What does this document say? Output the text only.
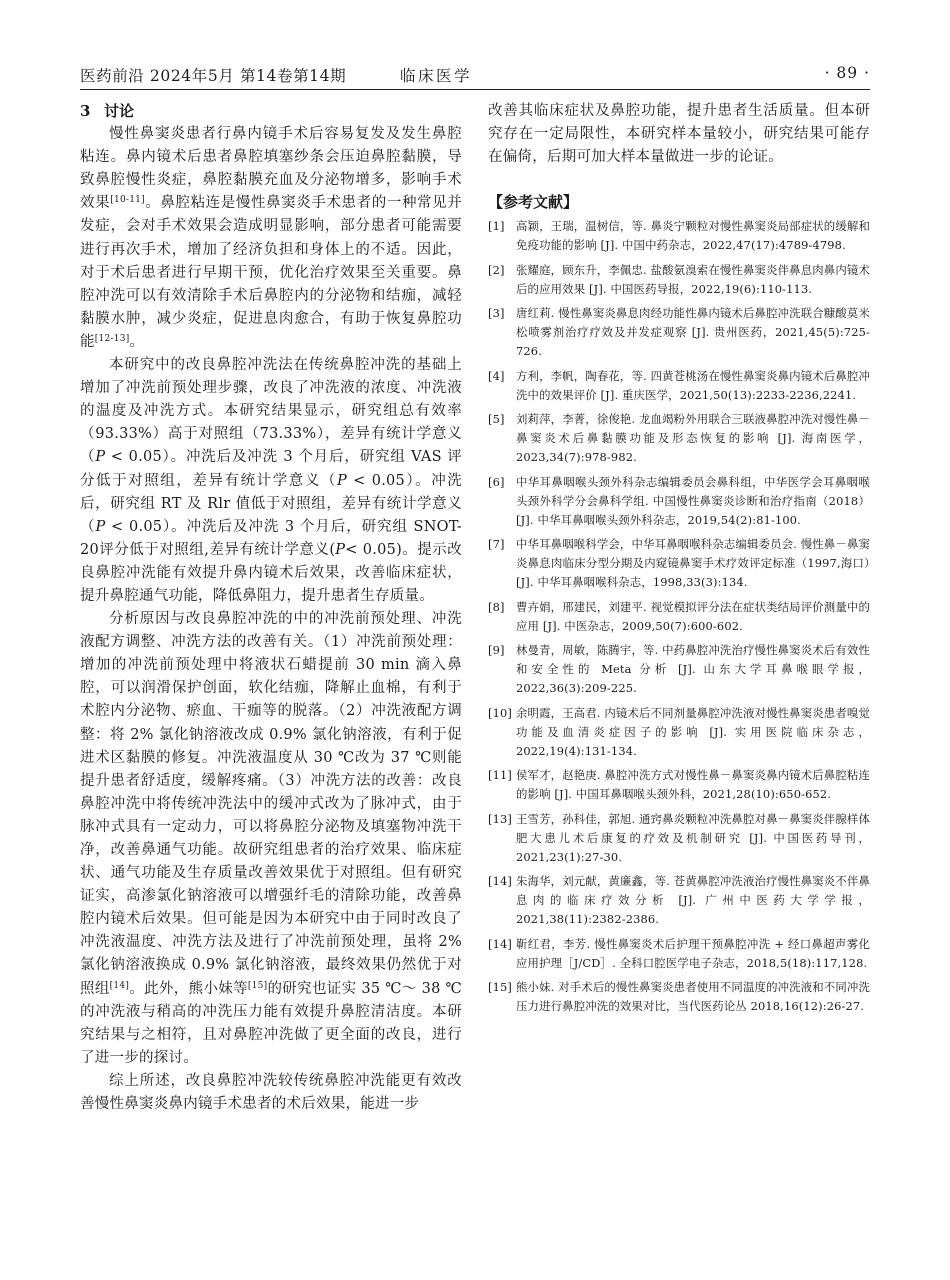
医药前沿 2024年5月 第14卷第14期	临床医学	· 89 ·
3 讨论

慢性鼻窦炎患者行鼻内镜手术后容易复发及发生鼻腔粘连。鼻内镜术后患者鼻腔填塞纱条会压迫鼻腔黏膜，导致鼻腔慢性炎症，鼻腔黏膜充血及分泌物增多，影响手术效果[10-11]。鼻腔粘连是慢性鼻窦炎手术患者的一种常见并发症，会对手术效果会造成明显影响，部分患者可能需要进行再次手术，增加了经济负担和身体上的不适。因此，对于术后患者进行早期干预，优化治疗效果至关重要。鼻腔冲洗可以有效清除手术后鼻腔内的分泌物和结痂，减轻黏膜水肿，减少炎症，促进息肉愈合，有助于恢复鼻腔功能[12-13]。

本研究中的改良鼻腔冲洗法在传统鼻腔冲洗的基础上增加了冲洗前预处理步骤，改良了冲洗液的浓度、冲洗液的温度及冲洗方式。本研究结果显示，研究组总有效率（93.33%）高于对照组（73.33%），差异有统计学意义（P < 0.05）。冲洗后及冲洗 3 个月后，研究组 VAS 评分低于对照组，差异有统计学意义（P < 0.05）。冲洗后，研究组 RT 及 Rlr 值低于对照组，差异有统计学意义（P < 0.05）。冲洗后及冲洗 3 个月后，研究组 SNOT-20评分低于对照组,差异有统计学意义(P< 0.05)。提示改良鼻腔冲洗能有效提升鼻内镜术后效果，改善临床症状，提升鼻腔通气功能，降低鼻阻力，提升患者生存质量。

分析原因与改良鼻腔冲洗的中的冲洗前预处理、冲洗液配方调整、冲洗方法的改善有关。（1）冲洗前预处理：增加的冲洗前预处理中将液状石蜡提前 30 min 滴入鼻腔，可以润滑保护创面，软化结痂，降解止血棉，有利于术腔内分泌物、瘀血、干痂等的脱落。（2）冲洗液配方调整：将 2% 氯化钠溶液改成 0.9% 氯化钠溶液，有利于促进术区黏膜的修复。冲洗液温度从 30 ℃改为 37 ℃则能提升患者舒适度，缓解疼痛。（3）冲洗方法的改善：改良鼻腔冲洗中将传统冲洗法中的缓冲式改为了脉冲式，由于脉冲式具有一定动力，可以将鼻腔分泌物及填塞物冲洗干净，改善鼻通气功能。故研究组患者的治疗效果、临床症状、通气功能及生存质量改善效果优于对照组。但有研究证实，高渗氯化钠溶液可以增强纤毛的清除功能，改善鼻腔内镜术后效果。但可能是因为本研究中由于同时改良了冲洗液温度、冲洗方法及进行了冲洗前预处理，虽将 2% 氯化钠溶液换成 0.9% 氯化钠溶液，最终效果仍然优于对照组[14]。此外，熊小妹等[15]的研究也证实 35 ℃～ 38 ℃的冲洗液与稍高的冲洗压力能有效提升鼻腔清洁度。本研究结果与之相符，且对鼻腔冲洗做了更全面的改良，进行了进一步的探讨。

综上所述，改良鼻腔冲洗较传统鼻腔冲洗能更有效改善慢性鼻窦炎鼻内镜手术患者的术后效果，能进一步

改善其临床症状及鼻腔功能，提升患者生活质量。但本研究存在一定局限性，本研究样本量较小，研究结果可能存在偏倚，后期可加大样本量做进一步的论证。

【参考文献】
[1]	高颖，王瑞，温树信，等. 鼻炎宁颗粒对慢性鼻窦炎局部症状的缓解和免疫功能的影响 [J]. 中国中药杂志，2022,47(17):4789-4798.
[2]	张耀庭，顾东升，李佩忠. 盐酸氨溴索在慢性鼻窦炎伴鼻息肉鼻内镜术后的应用效果 [J]. 中国医药导报，2022,19(6):110-113.
[3]	唐红莉. 慢性鼻窦炎鼻息肉经功能性鼻内镜术后鼻腔冲洗联合糠酸莫米松喷雾剂治疗疗效及并发症观察 [J]. 贵州医药，2021,45(5):725-726.
[4]	方利，李帆，陶春花，等. 四黄苍桃汤在慢性鼻窦炎鼻内镜术后鼻腔冲洗中的效果评价 [J]. 重庆医学，2021,50(13):2233-2236,2241.
[5]	刘莉萍，李菁，徐俊艳. 龙血竭粉外用联合三联液鼻腔冲洗对慢性鼻－鼻窦炎术后鼻黏膜功能及形态恢复的影响 [J]. 海南医学，2023,34(7):978-982.
[6]	中华耳鼻咽喉头颈外科杂志编辑委员会鼻科组，中华医学会耳鼻咽喉头颈外科学分会鼻科学组. 中国慢性鼻窦炎诊断和治疗指南（2018）[J]. 中华耳鼻咽喉头颈外科杂志，2019,54(2):81-100.
[7]	中华耳鼻咽喉科学会，中华耳鼻咽喉科杂志编辑委员会. 慢性鼻－鼻窦炎鼻息肉临床分型分期及内窥镜鼻窦手术疗效评定标准（1997,海口）[J]. 中华耳鼻咽喉科杂志，1998,33(3):134.
[8]	曹卉娟，邢建民，刘建平. 视觉模拟评分法在症状类结局评价测量中的应用 [J]. 中医杂志，2009,50(7):600-602.
[9]	林曼青，周敏，陈腾宇，等. 中药鼻腔冲洗治疗慢性鼻窦炎术后有效性和安全性的 Meta 分析 [J]. 山东大学耳鼻喉眼学报，2022,36(3):209-225.
[10] 余明霞，王高君. 内镜术后不同剂量鼻腔冲洗液对慢性鼻窦炎患者嗅觉功能及血清炎症因子的影响 [J]. 实用医院临床杂志，2022,19(4):131-134.
[11] 侯军才，赵艳庚. 鼻腔冲洗方式对慢性鼻－鼻窦炎鼻内镜术后鼻腔粘连的影响 [J]. 中国耳鼻咽喉头颈外科，2021,28(10):650-652.
[13] 王雪芳，孙科佳，郭旭. 通窍鼻炎颗粒冲洗鼻腔对鼻－鼻窦炎伴腺样体肥大患儿术后康复的疗效及机制研究 [J]. 中国医药导刊，2021,23(1):27-30.
[14] 朱海华，刘元献，黄廉鑫，等. 苍黄鼻腔冲洗液治疗慢性鼻窦炎不伴鼻息肉的临床疗效分析 [J]. 广州中医药大学学报，2021,38(11):2382-2386.
[14] 靳红君，李芳. 慢性鼻窦炎术后护理干预鼻腔冲洗 + 经口鼻超声雾化应用护理［J/CD］. 全科口腔医学电子杂志，2018,5(18):117,128.
[15] 熊小妹. 对手术后的慢性鼻窦炎患者使用不同温度的冲洗液和不同冲洗压力进行鼻腔冲洗的效果对比，当代医药论丛 2018,16(12):26-27.
